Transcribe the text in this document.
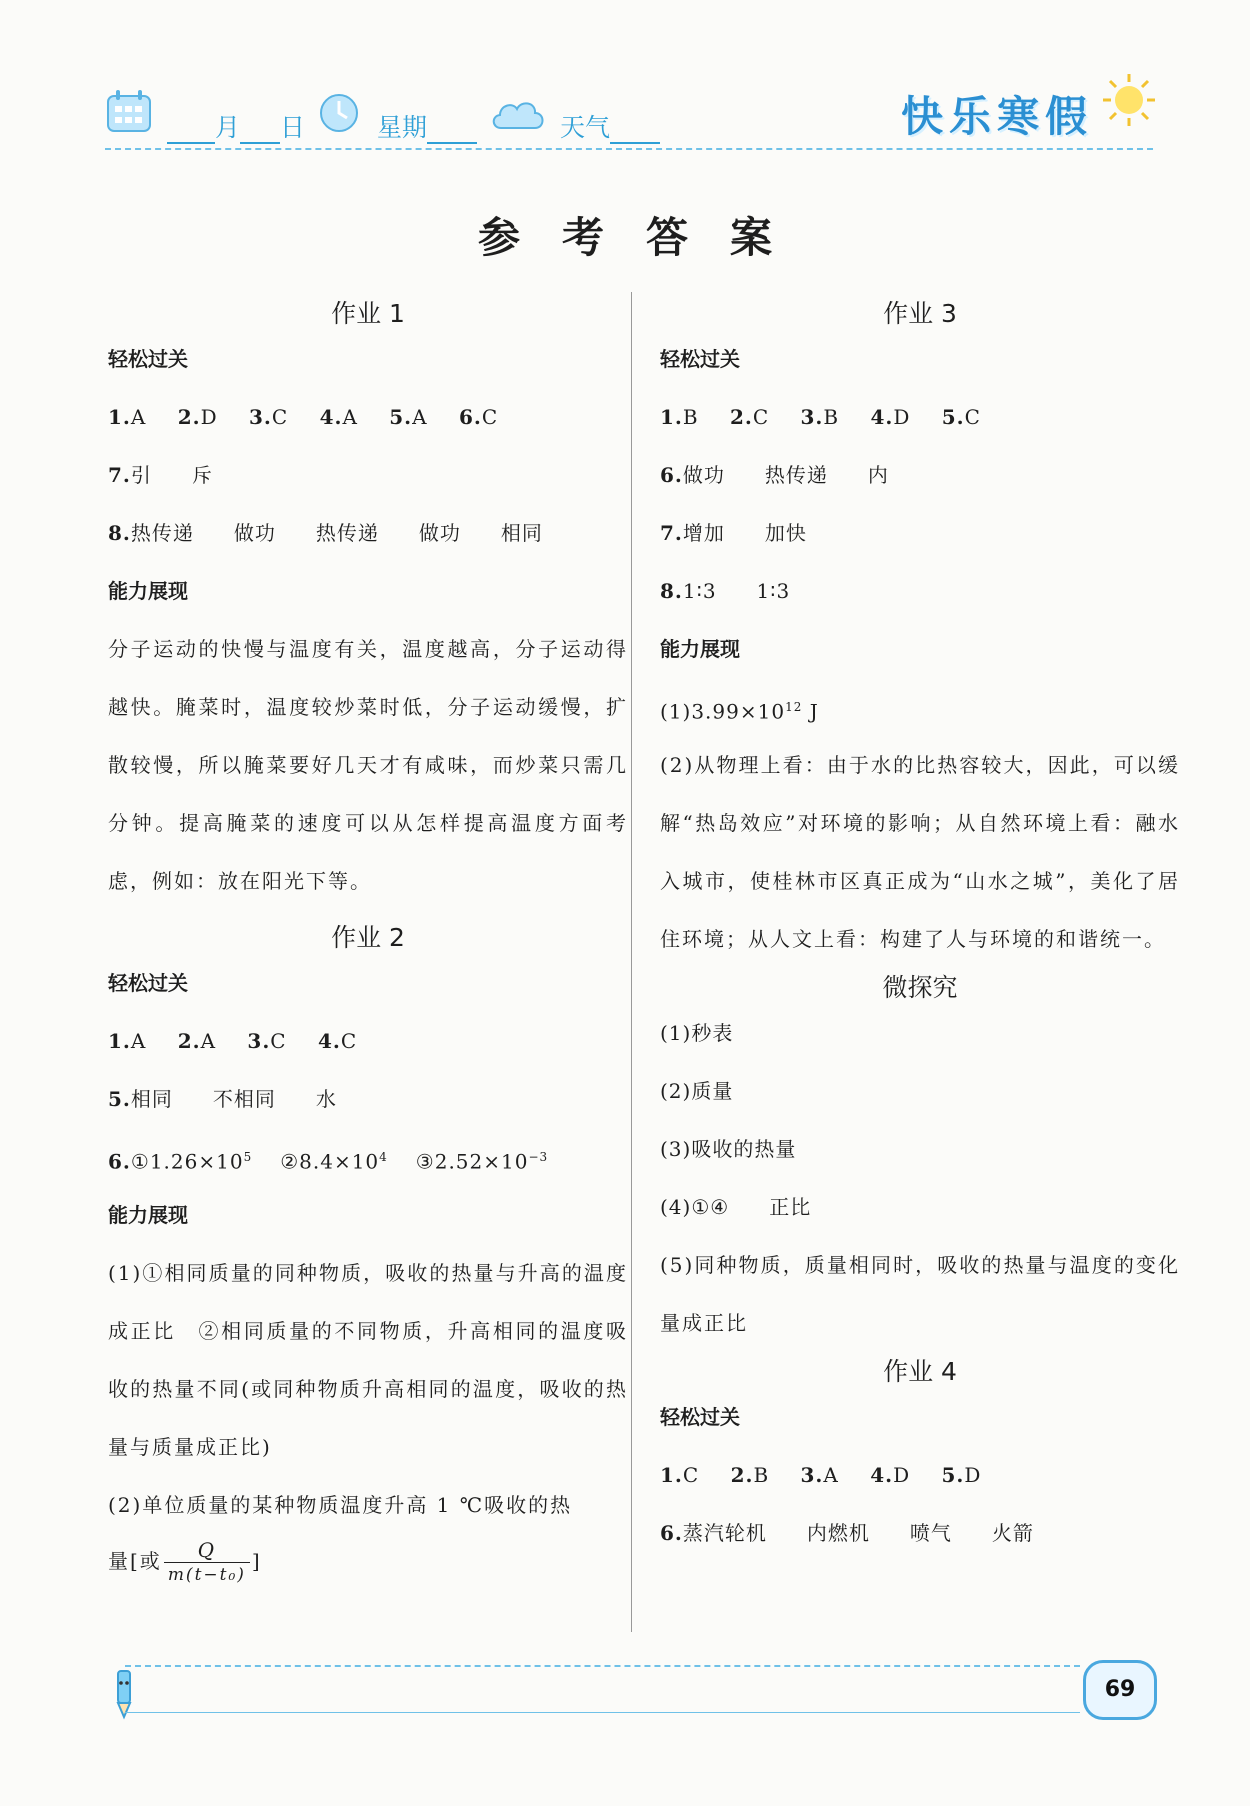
月 日	星期	天气	快乐寒假
参考答案
作业 1
轻松过关
1.A 2.D 3.C 4.A 5.A 6.C
7.引 斥
8.热传递 做功 热传递 做功 相同
能力展现

分子运动的快慢与温度有关，温度越高，分子运动得越快。腌菜时，温度较炒菜时低，分子运动缓慢，扩散较慢，所以腌菜要好几天才有咸味，而炒菜只需几分钟。提高腌菜的速度可以从怎样提高温度方面考虑，例如：放在阳光下等。

作业 2
轻松过关
1.A 2.A 3.C 4.C
5.相同 不相同 水
$6.①1.26\times 10^5$ $②8.4\times 10^4$ $③2.52\times 10^{-3}$
能力展现

(1)①相同质量的同种物质，吸收的热量与升高的温度成正比　②相同质量的不同物质，升高相同的温度吸收的热量不同(或同种物质升高相同的温度，吸收的热量与质量成正比)

(2)单位质量的某种物质温度升高 1 ℃吸收的热

量[或 $\frac{Q}{\text{m(t−t₀)}}$ ]
作业 3
轻松过关
1.B 2.C 3.B 4.D 5.C
6.做功 热传递 内
7.增加 加快
8.1∶3 1∶3
能力展现
$(1)3.99\times 10^{12}$ J

(2)从物理上看：由于水的比热容较大，因此，可以缓解“热岛效应”对环境的影响；从自然环境上看：融水入城市，使桂林市区真正成为“山水之城”，美化了居住环境；从人文上看：构建了人与环境的和谐统一。

微探究
(1)秒表
(2)质量
(3)吸收的热量
(4)①④ 正比

(5)同种物质，质量相同时，吸收的热量与温度的变化量成正比

作业 4
轻松过关
1.C 2.B 3.A 4.D 5.D
6.蒸汽轮机 内燃机 喷气 火箭
69
